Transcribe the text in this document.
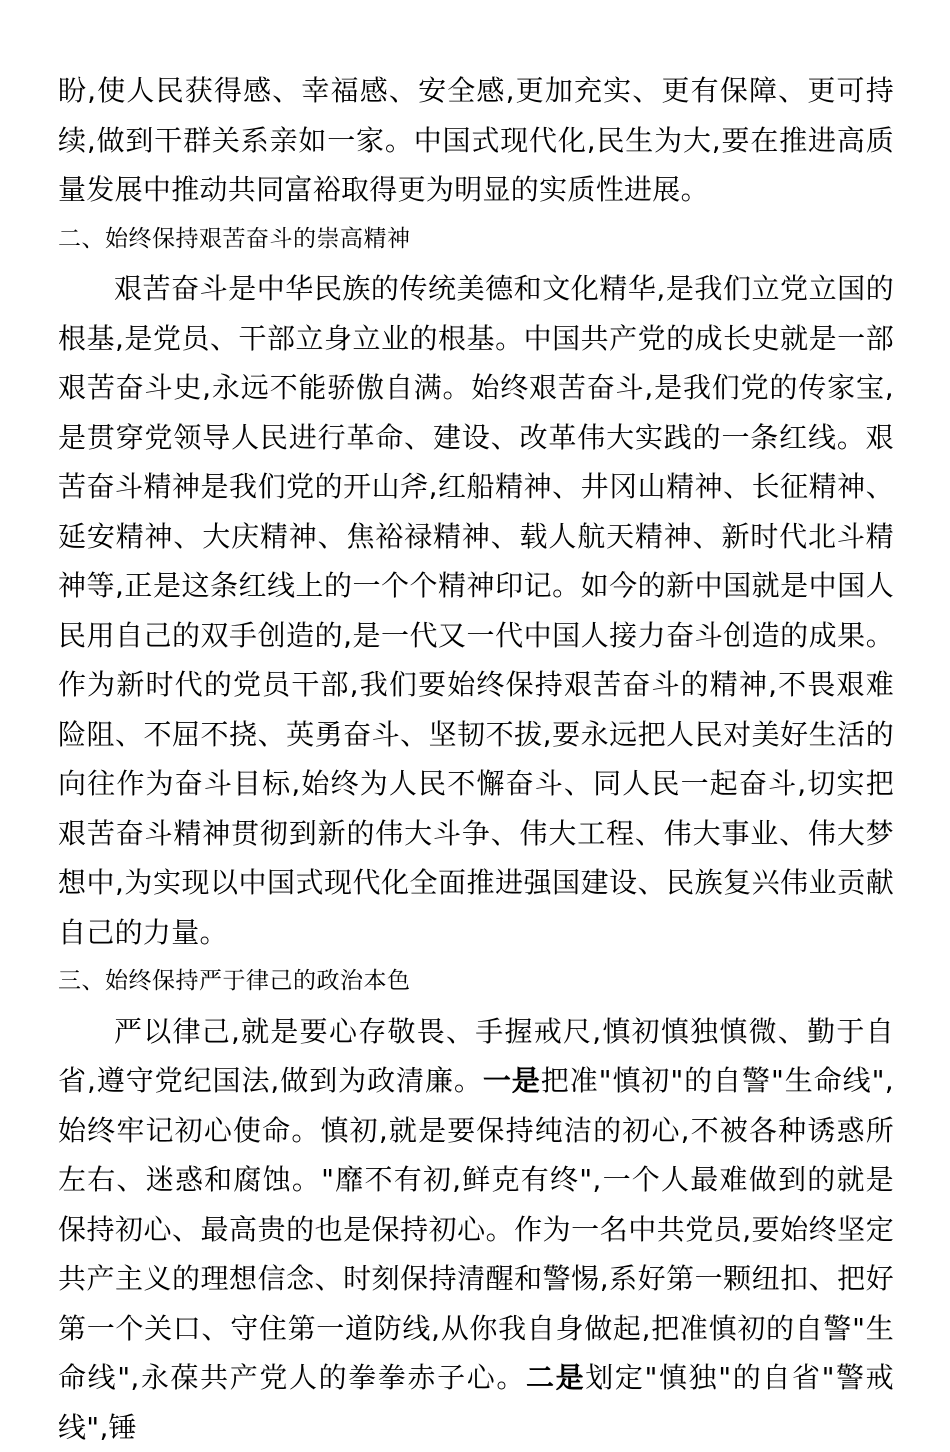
盼,使人民获得感、幸福感、安全感,更加充实、更有保障、更可持续,做到干群关系亲如一家。中国式现代化,民生为大,要在推进高质量发展中推动共同富裕取得更为明显的实质性进展。

二、始终保持艰苦奋斗的崇高精神

艰苦奋斗是中华民族的传统美德和文化精华,是我们立党立国的根基,是党员、干部立身立业的根基。中国共产党的成长史就是一部艰苦奋斗史,永远不能骄傲自满。始终艰苦奋斗,是我们党的传家宝,是贯穿党领导人民进行革命、建设、改革伟大实践的一条红线。艰苦奋斗精神是我们党的开山斧,红船精神、井冈山精神、长征精神、延安精神、大庆精神、焦裕禄精神、载人航天精神、新时代北斗精神等,正是这条红线上的一个个精神印记。如今的新中国就是中国人民用自己的双手创造的,是一代又一代中国人接力奋斗创造的成果。作为新时代的党员干部,我们要始终保持艰苦奋斗的精神,不畏艰难险阻、不屈不挠、英勇奋斗、坚韧不拔,要永远把人民对美好生活的向往作为奋斗目标,始终为人民不懈奋斗、同人民一起奋斗,切实把艰苦奋斗精神贯彻到新的伟大斗争、伟大工程、伟大事业、伟大梦想中,为实现以中国式现代化全面推进强国建设、民族复兴伟业贡献自己的力量。

三、始终保持严于律己的政治本色

严以律己,就是要心存敬畏、手握戒尺,慎初慎独慎微、勤于自省,遵守党纪国法,做到为政清廉。一是把准"慎初"的自警"生命线",始终牢记初心使命。慎初,就是要保持纯洁的初心,不被各种诱惑所左右、迷惑和腐蚀。"靡不有初,鲜克有终",一个人最难做到的就是保持初心、最高贵的也是保持初心。作为一名中共党员,要始终坚定共产主义的理想信念、时刻保持清醒和警惕,系好第一颗纽扣、把好第一个关口、守住第一道防线,从你我自身做起,把准慎初的自警"生命线",永葆共产党人的拳拳赤子心。二是划定"慎独"的自省"警戒线",锤
